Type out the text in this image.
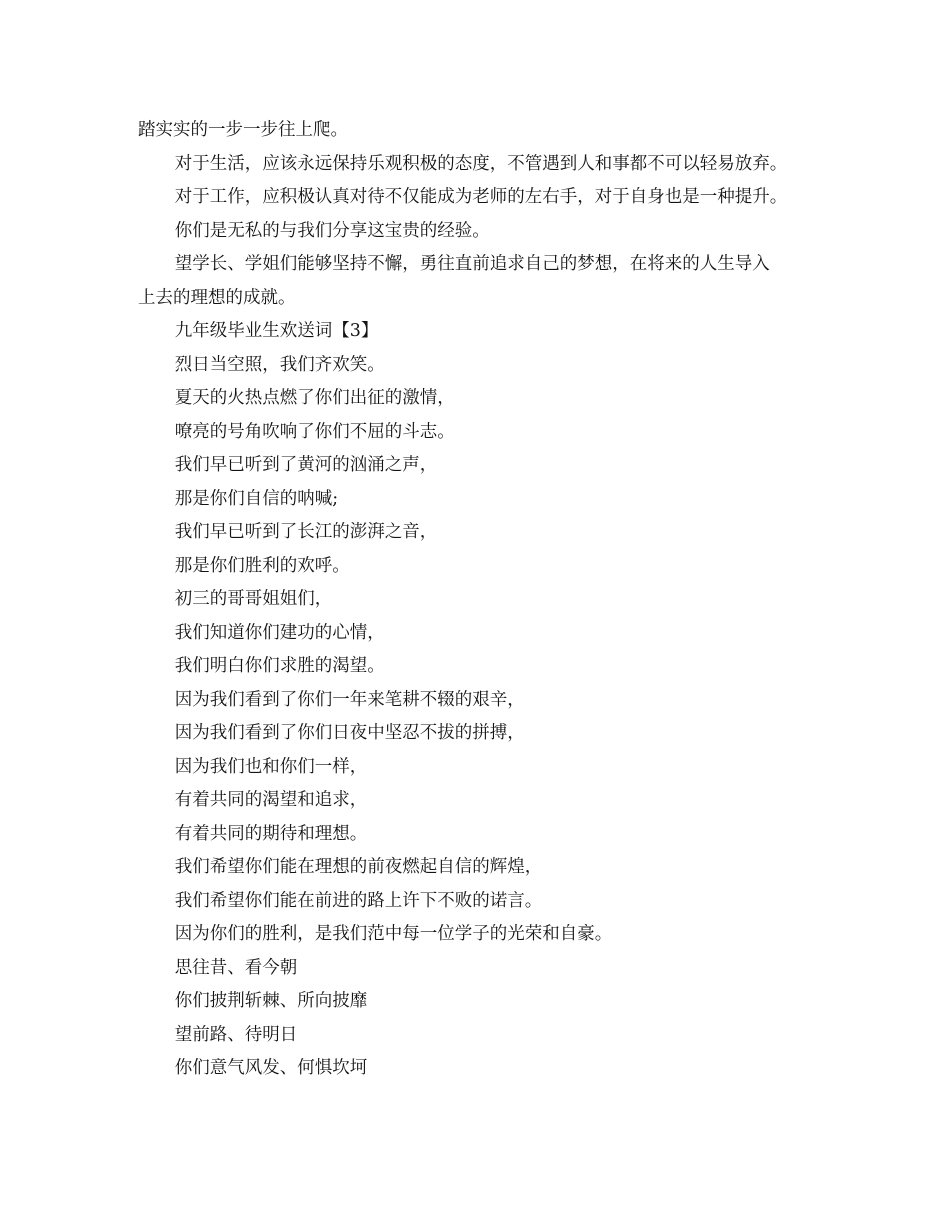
踏实实的一步一步往上爬。

对于生活，应该永远保持乐观积极的态度，不管遇到人和事都不可以轻易放弃。

对于工作，应积极认真对待不仅能成为老师的左右手，对于自身也是一种提升。

你们是无私的与我们分享这宝贵的经验。

望学长、学姐们能够坚持不懈，勇往直前追求自己的梦想，在将来的人生导入

上去的理想的成就。

九年级毕业生欢送词【3】

烈日当空照，我们齐欢笑。

夏天的火热点燃了你们出征的激情，

嘹亮的号角吹响了你们不屈的斗志。

我们早已听到了黄河的汹涌之声，

那是你们自信的呐喊;

我们早已听到了长江的澎湃之音，

那是你们胜利的欢呼。

初三的哥哥姐姐们，

我们知道你们建功的心情，

我们明白你们求胜的渴望。

因为我们看到了你们一年来笔耕不辍的艰辛，

因为我们看到了你们日夜中坚忍不拔的拼搏，

因为我们也和你们一样，

有着共同的渴望和追求，

有着共同的期待和理想。

我们希望你们能在理想的前夜燃起自信的辉煌，

我们希望你们能在前进的路上许下不败的诺言。

因为你们的胜利，是我们范中每一位学子的光荣和自豪。

思往昔、看今朝

你们披荆斩棘、所向披靡

望前路、待明日

你们意气风发、何惧坎坷
